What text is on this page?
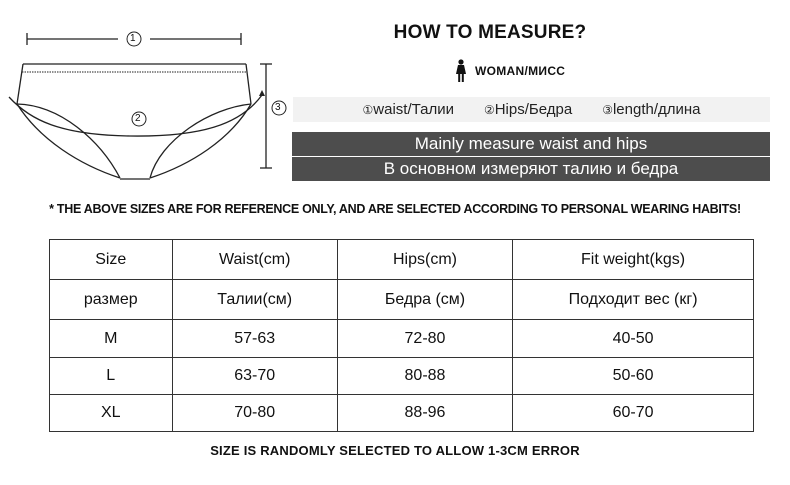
1
2
3
HOW TO MEASURE?
WOMAN/МИСС
①waist/Талии	②Hips/Бедра	③length/длина
Mainly measure waist and hips
В основном измеряют талию и бедра
* THE ABOVE SIZES ARE FOR REFERENCE ONLY, AND ARE SELECTED ACCORDING TO PERSONAL WEARING HABITS!
Size	Waist(cm)	Hips(cm)	Fit weight(kgs)
размер	Талии(см)	Бедра (см)	Подходит вес (кг)
M	57-63	72-80	40-50
L	63-70	80-88	50-60
XL	70-80	88-96	60-70
SIZE IS RANDOMLY SELECTED TO ALLOW 1-3CM ERROR
